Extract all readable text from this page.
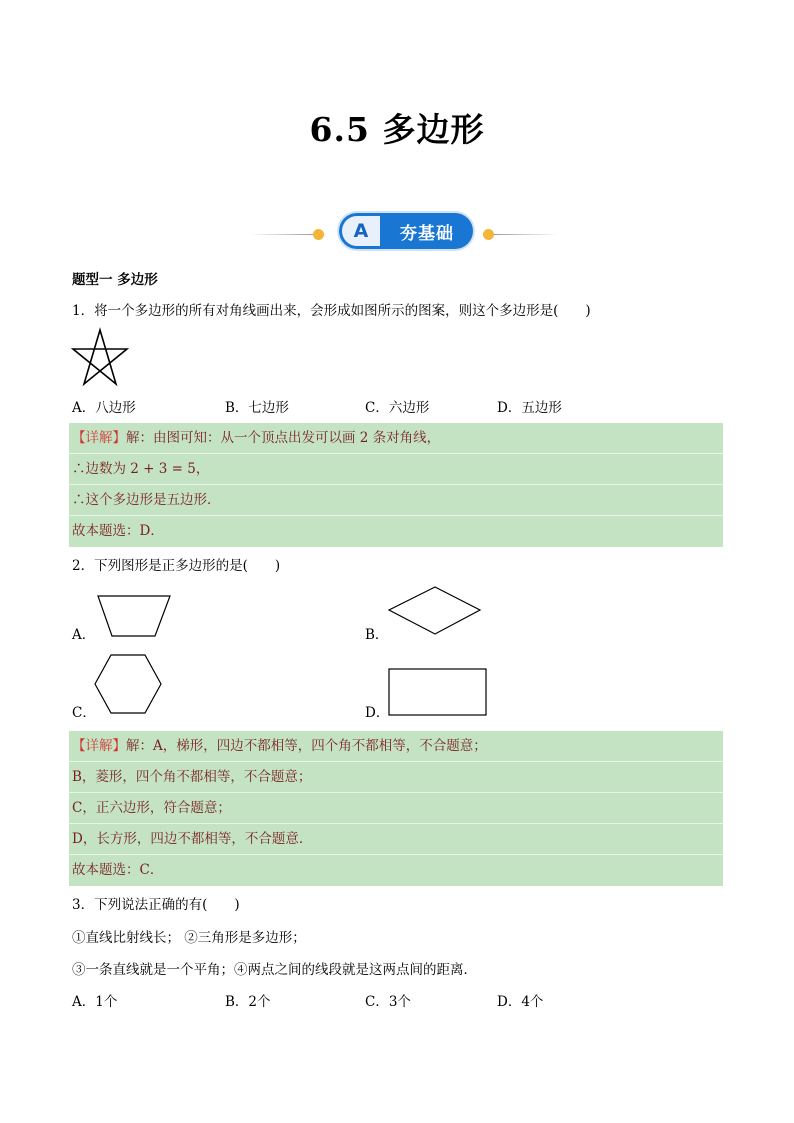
6.5 多边形
A	夯基础
题型一 多边形
1．将一个多边形的所有对角线画出来，会形成如图所示的图案，则这个多边形是(　　)
A．八边形	B．七边形	C．六边形	D．五边形
【详解】解：由图可知：从一个顶点出发可以画 2 条对角线，
∴边数为 2 + 3 = 5，
∴这个多边形是五边形．
故本题选：D．
2．下列图形是正多边形的是(　　)
A．	B．
C．	D．
【详解】解：A，梯形，四边不都相等，四个角不都相等，不合题意；
B，菱形，四个角不都相等，不合题意；
C，正六边形，符合题意；
D，长方形，四边不都相等，不合题意．
故本题选：C．
3．下列说法正确的有(　　)
①直线比射线长； ②三角形是多边形；
③一条直线就是一个平角；④两点之间的线段就是这两点间的距离．
A．1个	B．2个	C．3个	D．4个
